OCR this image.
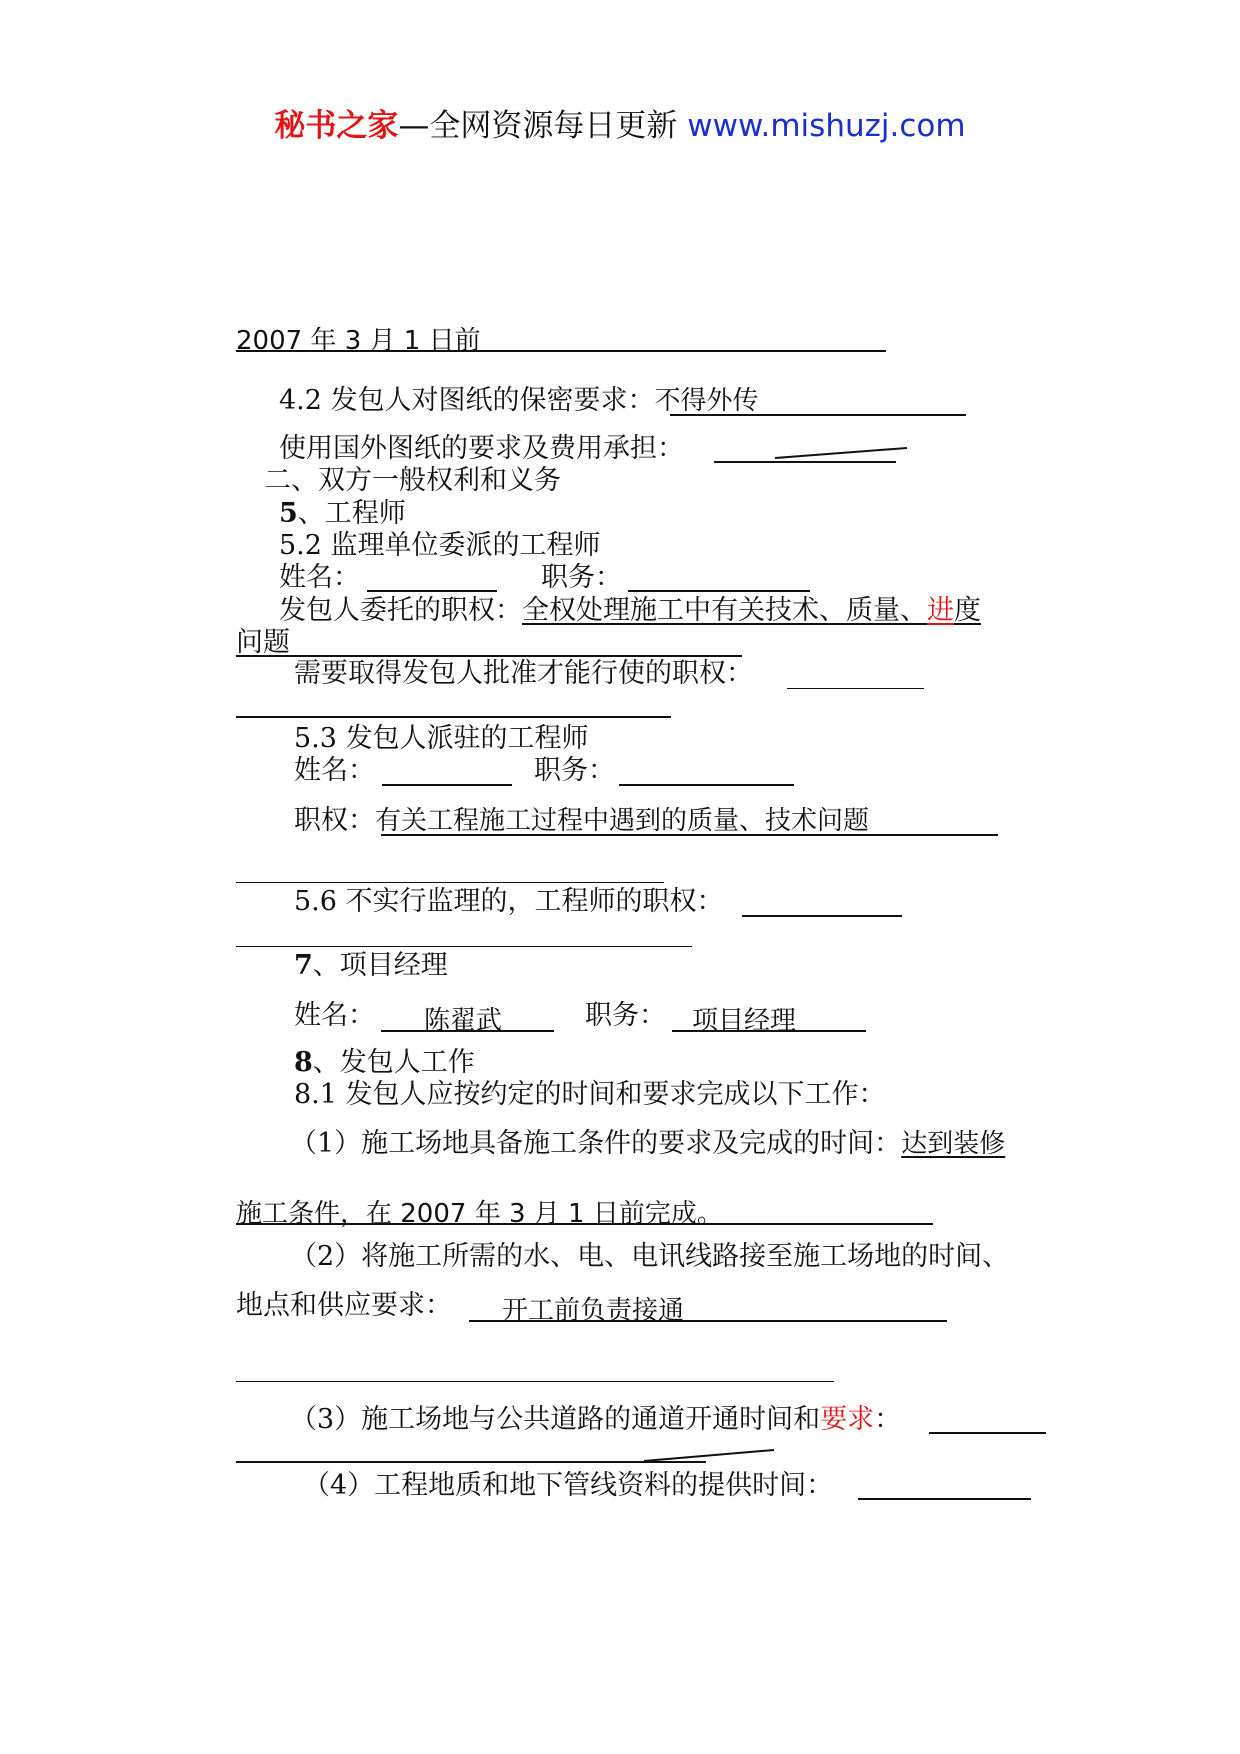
秘书之家—全网资源每日更新 www.mishuzj.com
2007 年 3 月 1 日前
4.2 发包人对图纸的保密要求：不得外传
使用国外图纸的要求及费用承担：
二、双方一般权利和义务
5、工程师
5.2 监理单位委派的工程师
姓名：	职务：
发包人委托的职权：全权处理施工中有关技术、质量、进度
问题
需要取得发包人批准才能行使的职权：
5.3 发包人派驻的工程师
姓名：	职务：
职权：有关工程施工过程中遇到的质量、技术问题
5.6 不实行监理的，工程师的职权：
7、项目经理
姓名： 陈翟武	职务： 项目经理
8、发包人工作
8.1 发包人应按约定的时间和要求完成以下工作：
（1）施工场地具备施工条件的要求及完成的时间：达到装修
施工条件，在 2007 年 3 月 1 日前完成。
（2）将施工所需的水、电、电讯线路接至施工场地的时间、
地点和供应要求： 开工前负责接通
（3）施工场地与公共道路的通道开通时间和要求：
（4）工程地质和地下管线资料的提供时间：
